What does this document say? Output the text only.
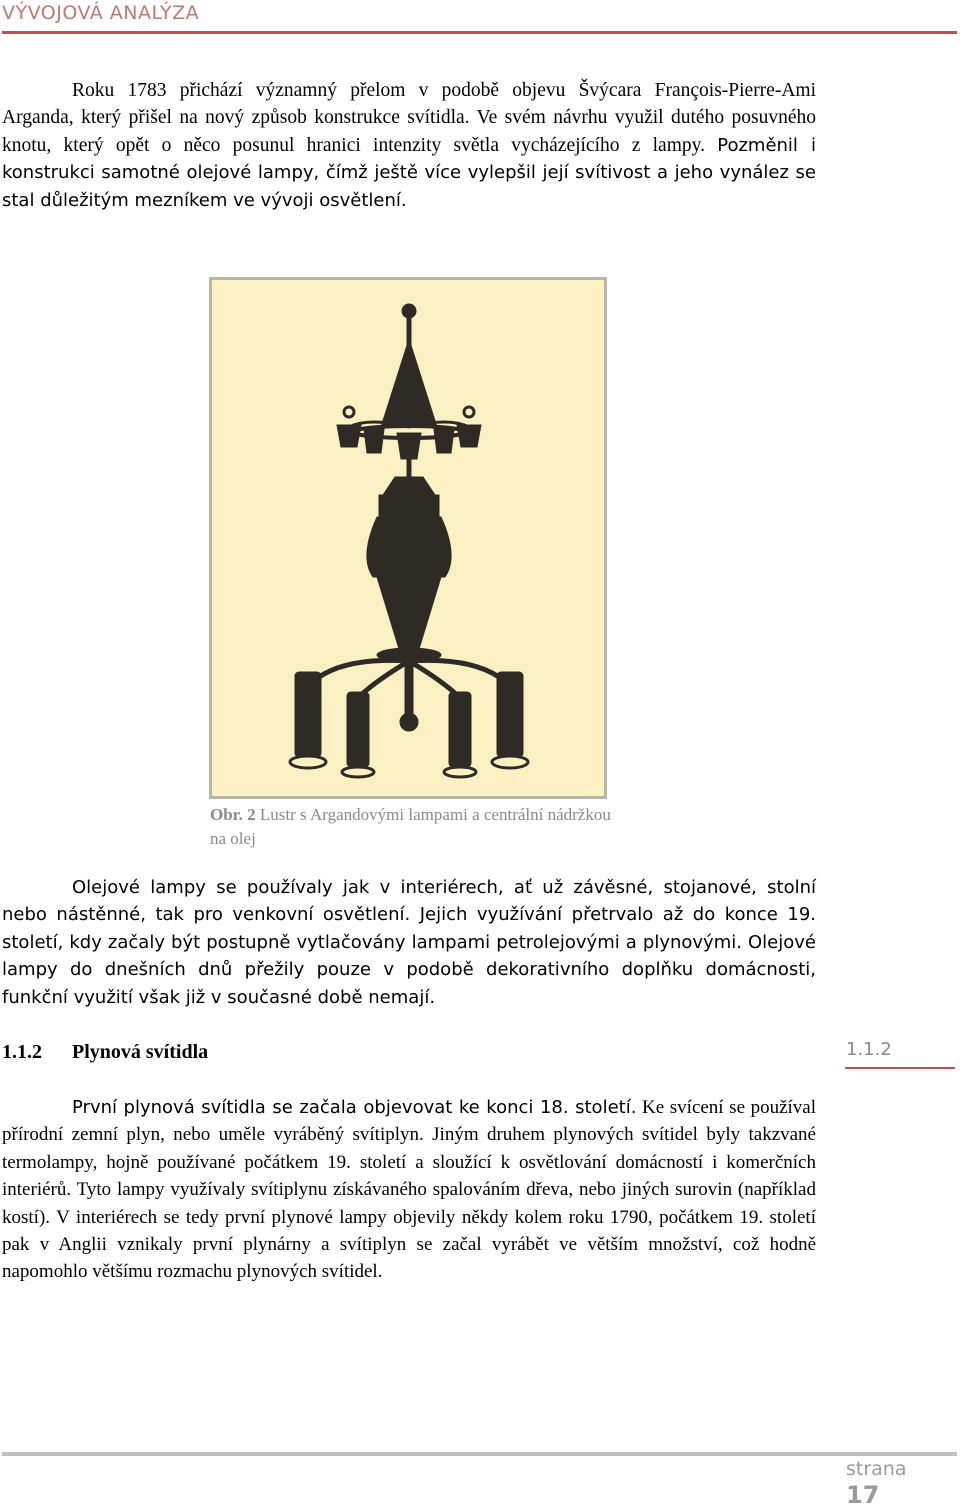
VÝVOJOVÁ ANALÝZA

Roku 1783 přichází významný přelom v podobě objevu Švýcara François-Pierre-Ami Arganda, který přišel na nový způsob konstrukce svítidla. Ve svém návrhu využil dutého posuvného knotu, který opět o něco posunul hranici intenzity světla vycházejícího z lampy. Pozměnil i konstrukci samotné olejové lampy, čímž ještě více vylepšil její svítivost a jeho vynález se stal důležitým mezníkem ve vývoji osvětlení.

Obr. 2 Lustr s Argandovými lampami a centrální nádržkou na olej

Olejové lampy se používaly jak v interiérech, ať už závěsné, stojanové, stolní nebo nástěnné, tak pro venkovní osvětlení. Jejich využívání přetrvalo až do konce 19. století, kdy začaly být postupně vytlačovány lampami petrolejovými a plynovými. Olejové lampy do dnešních dnů přežily pouze v podobě dekorativního doplňku domácnosti, funkční využití však již v současné době nemají.

1.1.2 Plynová svítidla	1.1.2

První plynová svítidla se začala objevovat ke konci 18. století. Ke svícení se používal přírodní zemní plyn, nebo uměle vyráběný svítiplyn. Jiným druhem plynových svítidel byly takzvané termolampy, hojně používané počátkem 19. století a sloužící k osvětlování domácností i komerčních interiérů. Tyto lampy využívaly svítiplynu získávaného spalováním dřeva, nebo jiných surovin (například kostí). V interiérech se tedy první plynové lampy objevily někdy kolem roku 1790, počátkem 19. století pak v Anglii vznikaly první plynárny a svítiplyn se začal vyrábět ve větším množství, což hodně napomohlo většímu rozmachu plynových svítidel.

strana
17
